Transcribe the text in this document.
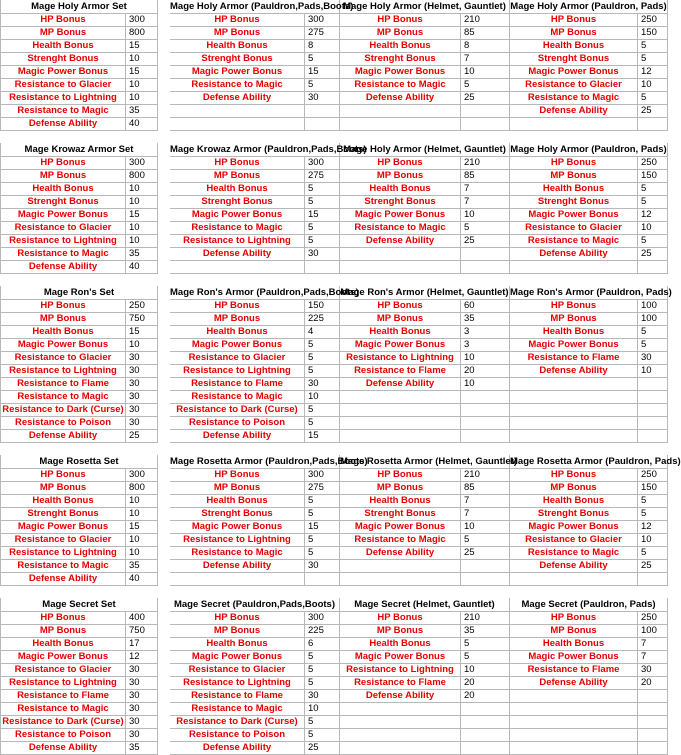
Mage Holy Armor Set
HP Bonus	300
MP Bonus	800
Health Bonus	15
Strenght Bonus	10
Magic Power Bonus	15
Resistance to Glacier	10
Resistance to Lightning	10
Resistance to Magic	35
Defense Ability	40
Mage Holy Armor (Pauldron,Pads,Boots)
HP Bonus	300
MP Bonus	275
Health Bonus	8
Strenght Bonus	5
Magic Power Bonus	15
Resistance to Magic	5
Defense Ability	30
Mage Holy Armor (Helmet, Gauntlet)
HP Bonus	210
MP Bonus	85
Health Bonus	8
Strenght Bonus	7
Magic Power Bonus	10
Resistance to Magic	5
Defense Ability	25
Mage Holy Armor (Pauldron, Pads)
HP Bonus	250
MP Bonus	150
Health Bonus	5
Strenght Bonus	5
Magic Power Bonus	12
Resistance to Glacier	10
Resistance to Magic	5
Defense Ability	25
Mage Krowaz Armor Set
HP Bonus	300
MP Bonus	800
Health Bonus	10
Strenght Bonus	10
Magic Power Bonus	15
Resistance to Glacier	10
Resistance to Lightning	10
Resistance to Magic	35
Defense Ability	40
Mage Krowaz Armor (Pauldron,Pads,Boots)
HP Bonus	300
MP Bonus	275
Health Bonus	5
Strenght Bonus	5
Magic Power Bonus	15
Resistance to Magic	5
Resistance to Lightning	5
Defense Ability	30
Mage Holy Armor (Helmet, Gauntlet)
HP Bonus	210
MP Bonus	85
Health Bonus	7
Strenght Bonus	7
Magic Power Bonus	10
Resistance to Magic	5
Defense Ability	25
Mage Holy Armor (Pauldron, Pads)
HP Bonus	250
MP Bonus	150
Health Bonus	5
Strenght Bonus	5
Magic Power Bonus	12
Resistance to Glacier	10
Resistance to Magic	5
Defense Ability	25
Mage Ron's Set
HP Bonus	250
MP Bonus	750
Health Bonus	15
Magic Power Bonus	10
Resistance to Glacier	30
Resistance to Lightning	30
Resistance to Flame	30
Resistance to Magic	30
Resistance to Dark (Curse) 30
Resistance to Poison	30
Defense Ability	25
Mage Ron's Armor (Pauldron,Pads,Boots)
HP Bonus	150
MP Bonus	225
Health Bonus	4
Magic Power Bonus	5
Resistance to Glacier	5
Resistance to Lightning	5
Resistance to Flame	30
Resistance to Magic	10
Resistance to Dark (Curse)	5
Resistance to Poison	5
Defense Ability	15
Mage Ron's Armor (Helmet, Gauntlet)
HP Bonus	60
MP Bonus	35
Health Bonus	3
Magic Power Bonus	3
Resistance to Lightning	10
Resistance to Flame	20
Defense Ability	10
Mage Ron's Armor (Pauldron, Pads)
HP Bonus	100
MP Bonus	100
Health Bonus	5
Magic Power Bonus	5
Resistance to Flame	30
Defense Ability	10
Mage Rosetta Set
HP Bonus	300
MP Bonus	800
Health Bonus	10
Strenght Bonus	10
Magic Power Bonus	15
Resistance to Glacier	10
Resistance to Lightning	10
Resistance to Magic	35
Defense Ability	40
Mage Rosetta Armor (Pauldron,Pads,Boots)
HP Bonus	300
MP Bonus	275
Health Bonus	5
Strenght Bonus	5
Magic Power Bonus	15
Resistance to Lightning	5
Resistance to Magic	5
Defense Ability	30
Mage Rosetta Armor (Helmet, Gauntlet)
HP Bonus	210
MP Bonus	85
Health Bonus	7
Strenght Bonus	7
Magic Power Bonus	10
Resistance to Magic	5
Defense Ability	25
Mage Rosetta Armor (Pauldron, Pads)
HP Bonus	250
MP Bonus	150
Health Bonus	5
Strenght Bonus	5
Magic Power Bonus	12
Resistance to Glacier	10
Resistance to Magic	5
Defense Ability	25
Mage Secret Set
HP Bonus	400
MP Bonus	750
Health Bonus	17
Magic Power Bonus	12
Resistance to Glacier	30
Resistance to Lightning	30
Resistance to Flame	30
Resistance to Magic	30
Resistance to Dark (Curse) 30
Resistance to Poison	30
Defense Ability	35
Mage Secret (Pauldron,Pads,Boots)
HP Bonus	300
MP Bonus	225
Health Bonus	6
Magic Power Bonus	5
Resistance to Glacier	5
Resistance to Lightning	5
Resistance to Flame	30
Resistance to Magic	10
Resistance to Dark (Curse)	5
Resistance to Poison	5
Defense Ability	25
Mage Secret (Helmet, Gauntlet)
HP Bonus	210
MP Bonus	35
Health Bonus	5
Magic Power Bonus	5
Resistance to Lightning	10
Resistance to Flame	20
Defense Ability	20
Mage Secret (Pauldron, Pads)
HP Bonus	250
MP Bonus	100
Health Bonus	7
Magic Power Bonus	7
Resistance to Flame	30
Defense Ability	20
